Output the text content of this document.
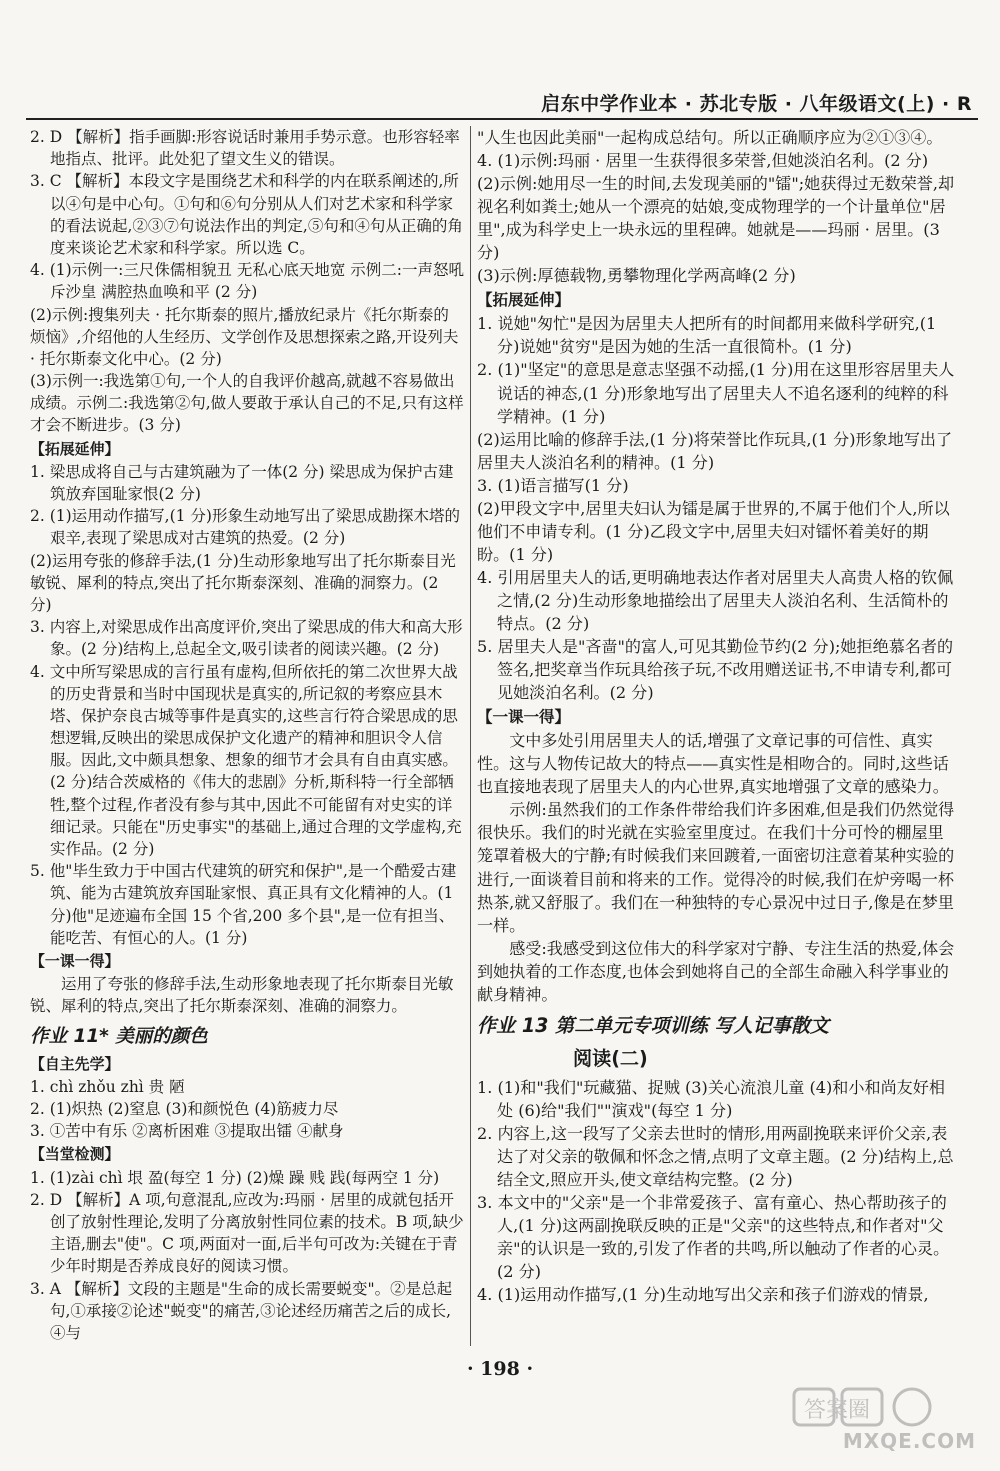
启东中学作业本 · 苏北专版 · 八年级语文(上) · R
2. D 【解析】指手画脚:形容说话时兼用手势示意。也形容轻率地指点、批评。此处犯了望文生义的错误。
3. C 【解析】本段文字是围绕艺术和科学的内在联系阐述的,所以④句是中心句。①句和⑥句分别从人们对艺术家和科学家的看法说起,②③⑦句说法作出的判定,⑤句和④句从正确的角度来谈论艺术家和科学家。所以选 C。
4. (1)示例一:三尺侏儒相貌丑 无私心底天地宽 示例二:一声怒吼斥沙皇 满腔热血唤和平 (2 分)
(2)示例:搜集列夫 · 托尔斯泰的照片,播放纪录片《托尔斯泰的烦恼》,介绍他的人生经历、文学创作及思想探索之路,开设列夫 · 托尔斯泰文化中心。(2 分)
(3)示例一:我选第①句,一个人的自我评价越高,就越不容易做出成绩。示例二:我选第②句,做人要敢于承认自己的不足,只有这样才会不断进步。(3 分)
【拓展延伸】
1. 梁思成将自己与古建筑融为了一体(2 分) 梁思成为保护古建筑放弃国耻家恨(2 分)
2. (1)运用动作描写,(1 分)形象生动地写出了梁思成勘探木塔的艰辛,表现了梁思成对古建筑的热爱。(2 分)
(2)运用夸张的修辞手法,(1 分)生动形象地写出了托尔斯泰目光敏锐、犀利的特点,突出了托尔斯泰深刻、准确的洞察力。(2 分)
3. 内容上,对梁思成作出高度评价,突出了梁思成的伟大和高大形象。(2 分)结构上,总起全文,吸引读者的阅读兴趣。(2 分)
4. 文中所写梁思成的言行虽有虚构,但所依托的第二次世界大战的历史背景和当时中国现状是真实的,所记叙的考察应县木塔、保护奈良古城等事件是真实的,这些言行符合梁思成的思想逻辑,反映出的梁思成保护文化遗产的精神和胆识令人信服。因此,文中颇具想象、想象的细节才会具有自由真实感。(2 分)结合茨威格的《伟大的悲剧》分析,斯科特一行全部牺牲,整个过程,作者没有参与其中,因此不可能留有对史实的详细记录。只能在"历史事实"的基础上,通过合理的文学虚构,充实作品。(2 分)
5. 他"毕生致力于中国古代建筑的研究和保护",是一个酷爱古建筑、能为古建筑放弃国耻家恨、真正具有文化精神的人。(1 分)他"足迹遍布全国 15 个省,200 多个县",是一位有担当、能吃苦、有恒心的人。(1 分)
【一课一得】
运用了夸张的修辞手法,生动形象地表现了托尔斯泰目光敏锐、犀利的特点,突出了托尔斯泰深刻、准确的洞察力。
作业 11* 美丽的颜色
【自主先学】
1. chì zhǒu zhì 贵 陋
2. (1)炽热 (2)窒息 (3)和颜悦色 (4)筋疲力尽
3. ①苦中有乐 ②离析困难 ③提取出镭 ④献身
【当堂检测】
1. (1)zài chì 垠 盈(每空 1 分) (2)燥 躁 贱 践(每两空 1 分)
2. D 【解析】A 项,句意混乱,应改为:玛丽 · 居里的成就包括开创了放射性理论,发明了分离放射性同位素的技术。B 项,缺少主语,删去"使"。C 项,两面对一面,后半句可改为:关键在于青少年时期是否养成良好的阅读习惯。
3. A 【解析】文段的主题是"生命的成长需要蜕变"。②是总起句,①承接②论述"蜕变"的痛苦,③论述经历痛苦之后的成长,④与
"人生也因此美丽"一起构成总结句。所以正确顺序应为②①③④。
4. (1)示例:玛丽 · 居里一生获得很多荣誉,但她淡泊名利。(2 分)
(2)示例:她用尽一生的时间,去发现美丽的"镭";她获得过无数荣誉,却视名利如粪土;她从一个漂亮的姑娘,变成物理学的一个计量单位"居里",成为科学史上一块永远的里程碑。她就是——玛丽 · 居里。(3 分)
(3)示例:厚德载物,勇攀物理化学两高峰(2 分)
【拓展延伸】
1. 说她"匆忙"是因为居里夫人把所有的时间都用来做科学研究,(1 分)说她"贫穷"是因为她的生活一直很简朴。(1 分)
2. (1)"坚定"的意思是意志坚强不动摇,(1 分)用在这里形容居里夫人说话的神态,(1 分)形象地写出了居里夫人不追名逐利的纯粹的科学精神。(1 分)
(2)运用比喻的修辞手法,(1 分)将荣誉比作玩具,(1 分)形象地写出了居里夫人淡泊名利的精神。(1 分)
3. (1)语言描写(1 分)
(2)甲段文字中,居里夫妇认为镭是属于世界的,不属于他们个人,所以他们不申请专利。(1 分)乙段文字中,居里夫妇对镭怀着美好的期盼。(1 分)
4. 引用居里夫人的话,更明确地表达作者对居里夫人高贵人格的钦佩之情,(2 分)生动形象地描绘出了居里夫人淡泊名利、生活简朴的特点。(2 分)
5. 居里夫人是"吝啬"的富人,可见其勤俭节约(2 分);她拒绝慕名者的签名,把奖章当作玩具给孩子玩,不改用赠送证书,不申请专利,都可见她淡泊名利。(2 分)
【一课一得】
文中多处引用居里夫人的话,增强了文章记事的可信性、真实性。这与人物传记故大的特点——真实性是相吻合的。同时,这些话也直接地表现了居里夫人的内心世界,真实地增强了文章的感染力。
示例:虽然我们的工作条件带给我们许多困难,但是我们仍然觉得很快乐。我们的时光就在实验室里度过。在我们十分可怜的棚屋里笼罩着极大的宁静;有时候我们来回踱着,一面密切注意着某种实验的进行,一面谈着目前和将来的工作。觉得冷的时候,我们在炉旁喝一杯热茶,就又舒服了。我们在一种独特的专心景况中过日子,像是在梦里一样。
感受:我感受到这位伟大的科学家对宁静、专注生活的热爱,体会到她执着的工作态度,也体会到她将自己的全部生命融入科学事业的献身精神。
作业 13 第二单元专项训练 写人记事散文
阅读(二)
1. (1)和"我们"玩藏猫、捉贼 (3)关心流浪儿童 (4)和小和尚友好相处 (6)给"我们""演戏"(每空 1 分)
2. 内容上,这一段写了父亲去世时的情形,用两副挽联来评价父亲,表达了对父亲的敬佩和怀念之情,点明了文章主题。(2 分)结构上,总结全文,照应开头,使文章结构完整。(2 分)
3. 本文中的"父亲"是一个非常爱孩子、富有童心、热心帮助孩子的人,(1 分)这两副挽联反映的正是"父亲"的这些特点,和作者对"父亲"的认识是一致的,引发了作者的共鸣,所以触动了作者的心灵。(2 分)
4. (1)运用动作描写,(1 分)生动地写出父亲和孩子们游戏的情景,
· 198 ·
答案圈
MXQE.COM
